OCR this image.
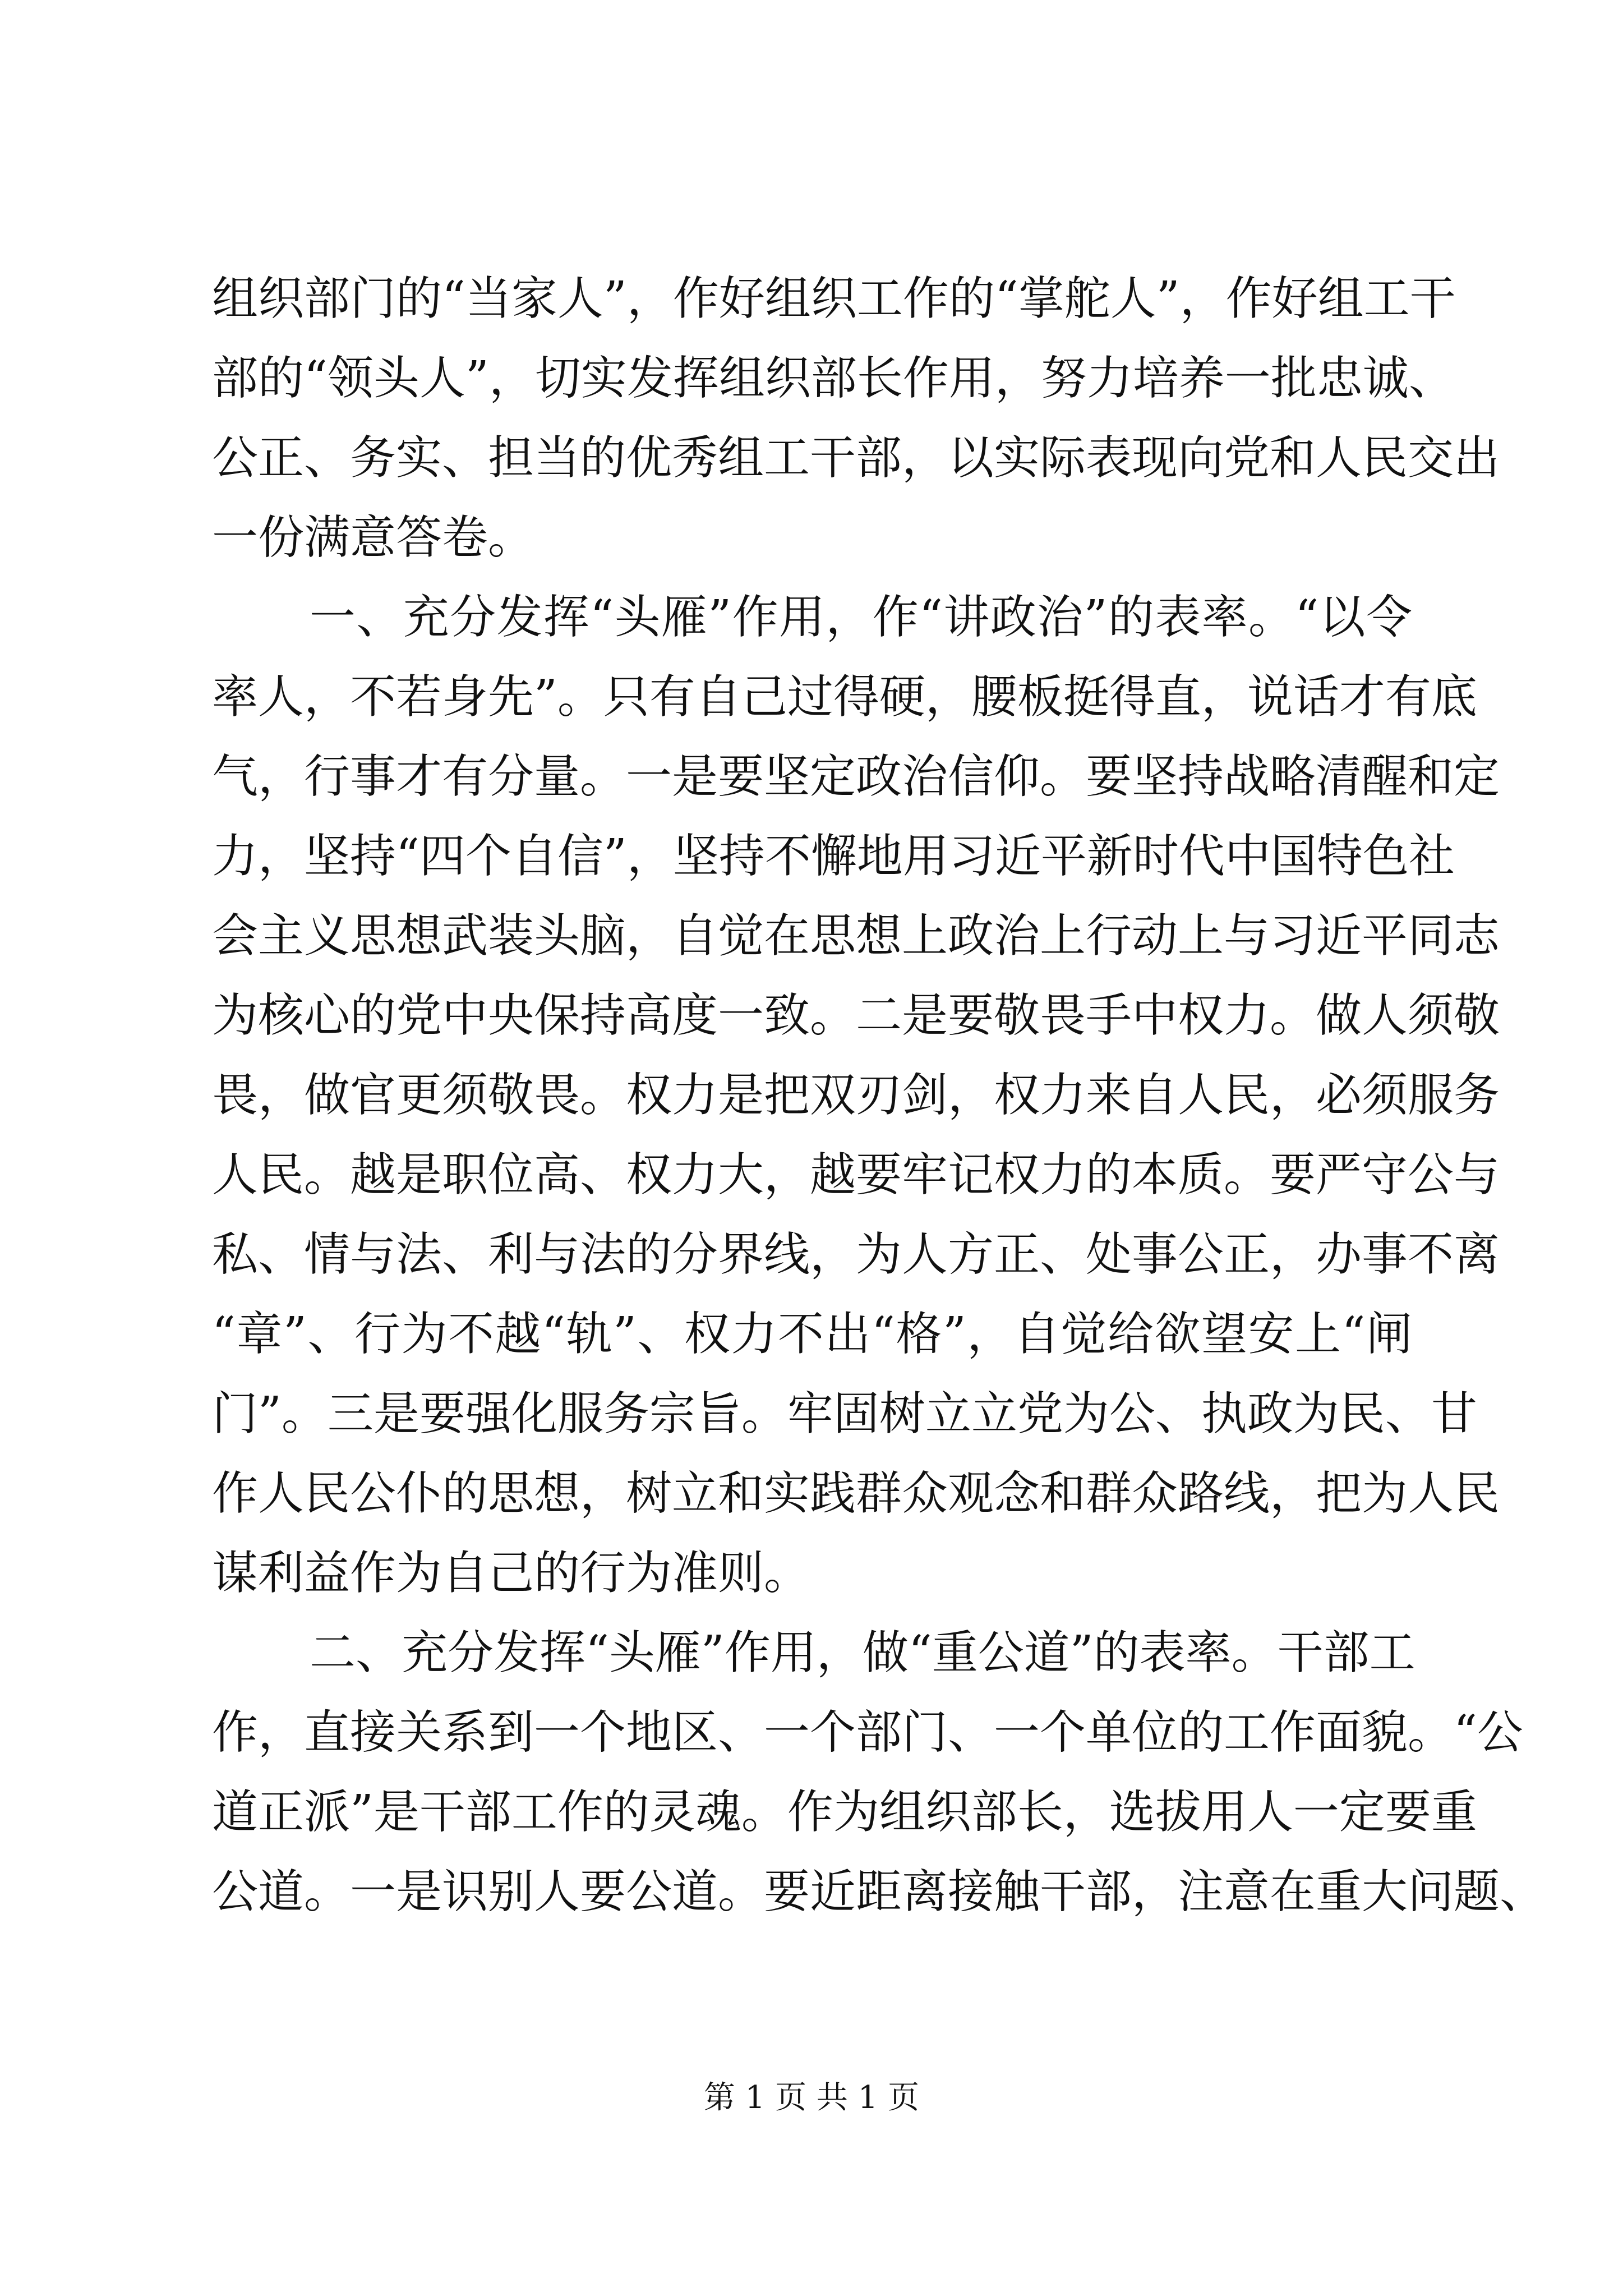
组织部门的“当家人”，作好组织工作的“掌舵人”，作好组工干
部的“领头人”，切实发挥组织部长作用，努力培养一批忠诚、
公正、务实、担当的优秀组工干部，以实际表现向党和人民交出
一份满意答卷。
一、充分发挥“头雁”作用，作“讲政治”的表率。“以令
率人，不若身先”。只有自己过得硬，腰板挺得直，说话才有底
气，行事才有分量。一是要坚定政治信仰。要坚持战略清醒和定
力，坚持“四个自信”，坚持不懈地用习近平新时代中国特色社
会主义思想武装头脑，自觉在思想上政治上行动上与习近平同志
为核心的党中央保持高度一致。二是要敬畏手中权力。做人须敬
畏，做官更须敬畏。权力是把双刃剑，权力来自人民，必须服务
人民。越是职位高、权力大，越要牢记权力的本质。要严守公与
私、情与法、利与法的分界线，为人方正、处事公正，办事不离
“章”、行为不越“轨”、权力不出“格”，自觉给欲望安上“闸
门”。三是要强化服务宗旨。牢固树立立党为公、执政为民、甘
作人民公仆的思想，树立和实践群众观念和群众路线，把为人民
谋利益作为自己的行为准则。
二、充分发挥“头雁”作用，做“重公道”的表率。干部工
作，直接关系到一个地区、一个部门、一个单位的工作面貌。“公
道正派”是干部工作的灵魂。作为组织部长，选拔用人一定要重
公道。一是识别人要公道。要近距离接触干部，注意在重大问题、
第 1 页 共 1 页
